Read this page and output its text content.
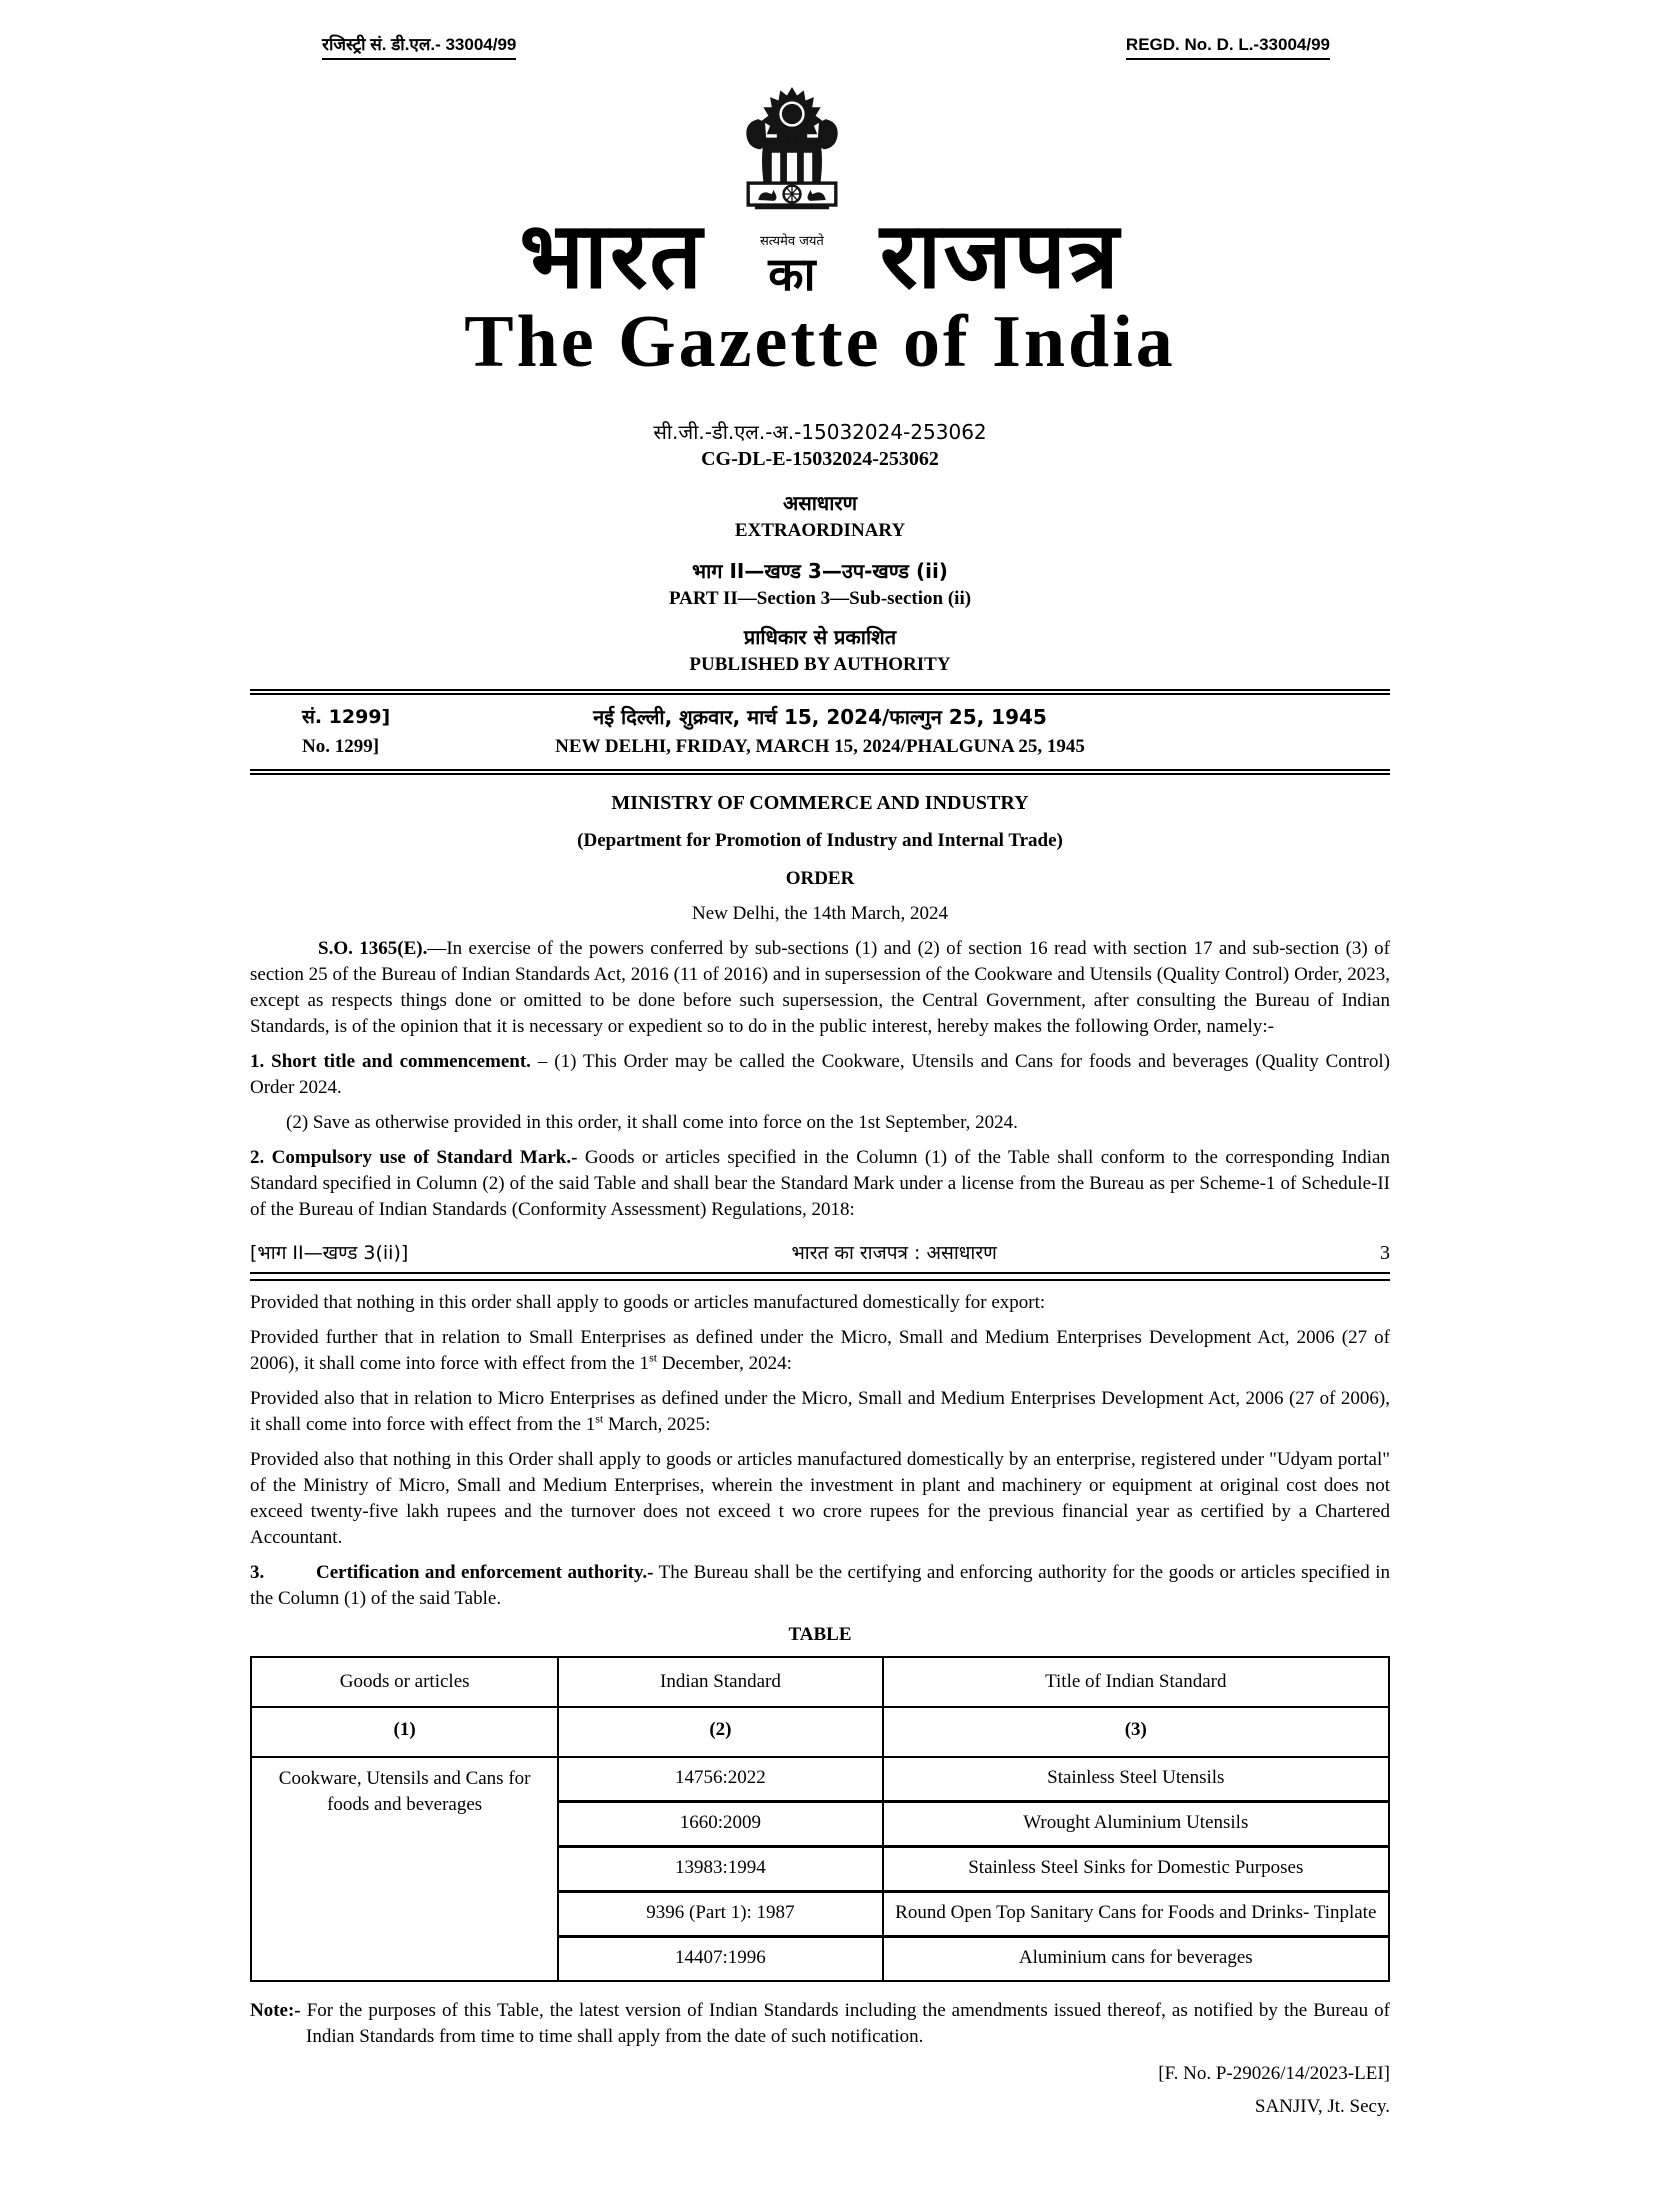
रजिस्ट्री सं. डी.एल.- 33004/99	REGD. No. D. L.-33004/99
भारत	सत्यमेव जयते
का राजपत्र
The Gazette of India
सी.जी.-डी.एल.-अ.-15032024-253062
CG-DL-E-15032024-253062
असाधारण
EXTRAORDINARY
भाग II—खण्ड 3—उप-खण्ड (ii)
PART II—Section 3—Sub-section (ii)
प्राधिकार से प्रकाशित
PUBLISHED BY AUTHORITY
सं. 1299]	नई दिल्ली, शुक्रवार, मार्च 15, 2024/फाल्गुन 25, 1945
No. 1299]	NEW DELHI, FRIDAY, MARCH 15, 2024/PHALGUNA 25, 1945
MINISTRY OF COMMERCE AND INDUSTRY
(Department for Promotion of Industry and Internal Trade)
ORDER
New Delhi, the 14th March, 2024

S.O. 1365(E).—In exercise of the powers conferred by sub-sections (1) and (2) of section 16 read with section 17 and sub-section (3) of section 25 of the Bureau of Indian Standards Act, 2016 (11 of 2016) and in supersession of the Cookware and Utensils (Quality Control) Order, 2023, except as respects things done or omitted to be done before such supersession, the Central Government, after consulting the Bureau of Indian Standards, is of the opinion that it is necessary or expedient so to do in the public interest, hereby makes the following Order, namely:-

1. Short title and commencement. – (1) This Order may be called the Cookware, Utensils and Cans for foods and beverages (Quality Control) Order 2024.

(2) Save as otherwise provided in this order, it shall come into force on the 1st September, 2024.

2. Compulsory use of Standard Mark.- Goods or articles specified in the Column (1) of the Table shall conform to the corresponding Indian Standard specified in Column (2) of the said Table and shall bear the Standard Mark under a license from the Bureau as per Scheme-1 of Schedule-II of the Bureau of Indian Standards (Conformity Assessment) Regulations, 2018:

[भाग II—खण्ड 3(ii)]	भारत का राजपत्र : असाधारण	3

Provided that nothing in this order shall apply to goods or articles manufactured domestically for export:

Provided further that in relation to Small Enterprises as defined under the Micro, Small and Medium Enterprises Development Act, 2006 (27 of 2006), it shall come into force with effect from the 1st December, 2024:

Provided also that in relation to Micro Enterprises as defined under the Micro, Small and Medium Enterprises Development Act, 2006 (27 of 2006), it shall come into force with effect from the 1st March, 2025:

Provided also that nothing in this Order shall apply to goods or articles manufactured domestically by an enterprise, registered under "Udyam portal" of the Ministry of Micro, Small and Medium Enterprises, wherein the investment in plant and machinery or equipment at original cost does not exceed twenty-five lakh rupees and the turnover does not exceed t wo crore rupees for the previous financial year as certified by a Chartered Accountant.

3.	Certification and enforcement authority.- The Bureau shall be the certifying and enforcing authority for the goods or articles specified in the Column (1) of the said Table.

TABLE
Goods or articles	Indian Standard	Title of Indian Standard
(1)	(2)	(3)
Cookware, Utensils and Cans for foods and beverages	14756:2022	Stainless Steel Utensils
	1660:2009	Wrought Aluminium Utensils
	13983:1994	Stainless Steel Sinks for Domestic Purposes
	9396 (Part 1): 1987	Round Open Top Sanitary Cans for Foods and Drinks- Tinplate
	14407:1996	Aluminium cans for beverages

Note:- For the purposes of this Table, the latest version of Indian Standards including the amendments issued thereof, as notified by the Bureau of Indian Standards from time to time shall apply from the date of such notification.

[F. No. P-29026/14/2023-LEI]
SANJIV, Jt. Secy.
